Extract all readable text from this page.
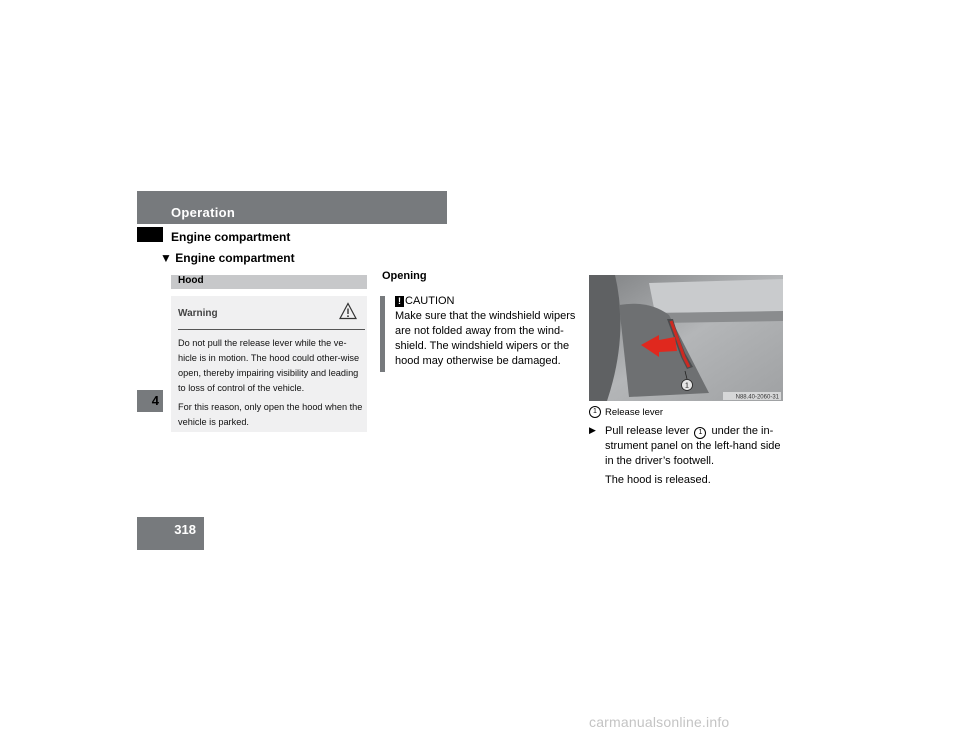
Operation
Engine compartment
▼ Engine compartment
4
318
Hood
Warning

Do not pull the release lever while the ve-hicle is in motion. The hood could other-wise open, thereby impairing visibility and leading to loss of control of the vehicle.

For this reason, only open the hood when the vehicle is parked.

Opening
! CAUTION
Make sure that the windshield wipers are not folded away from the wind-shield. The windshield wipers or the hood may otherwise be damaged.
1
N88.40-2060-31
1 Release lever
▶ Pull release lever 1 under the in-strument panel on the left-hand side in the driver’s footwell.
The hood is released.
carmanualsonline.info
